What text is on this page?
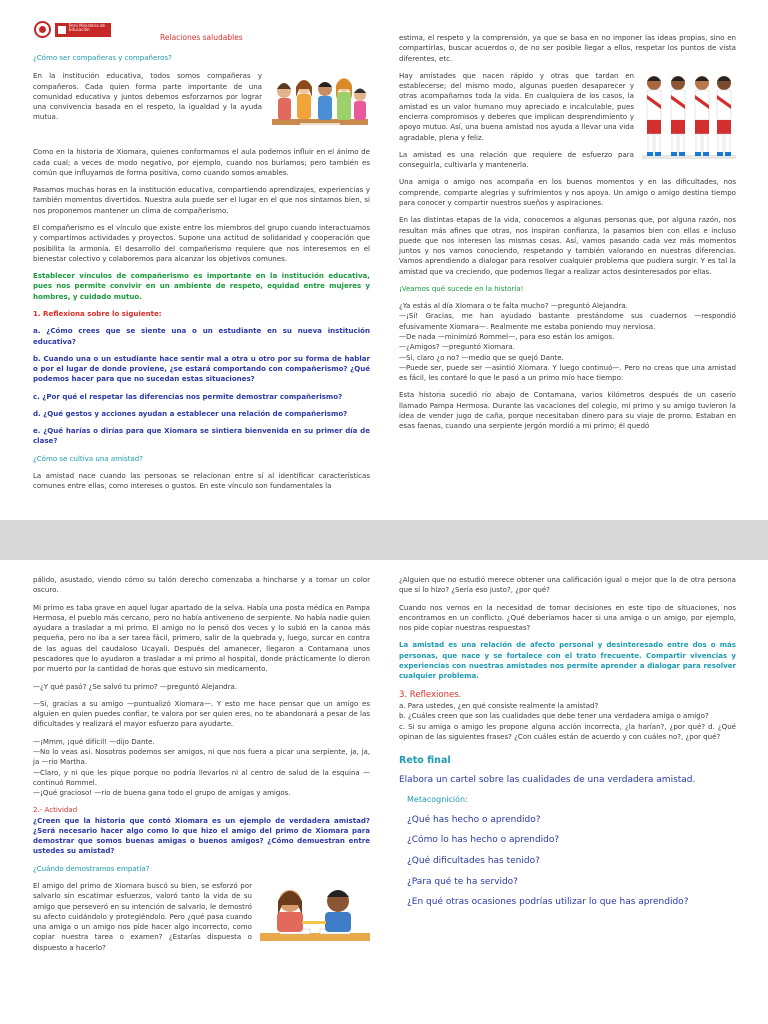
Perú Ministerio de Educación
Relaciones saludables

¿Cómo ser compañeras y compañeros?

En la institución educativa, todos somos compañeras y compañeros. Cada quien forma parte importante de una comunidad educativa y juntos debemos esforzarnos por lograr una convivencia basada en el respeto, la igualdad y la ayuda mutua.

Como en la historia de Xiomara, quienes conformamos el aula podemos influir en el ánimo de cada cual; a veces de modo negativo, por ejemplo, cuando nos burlamos; pero también es común que influyamos de forma positiva, como cuando somos amables.

Pasamos muchas horas en la institución educativa, compartiendo aprendizajes, experiencias y también momentos divertidos. Nuestra aula puede ser el lugar en el que nos sintamos bien, si nos proponemos mantener un clima de compañerismo.

El compañerismo es el vínculo que existe entre los miembros del grupo cuando interactuamos y compartimos actividades y proyectos. Supone una actitud de solidaridad y cooperación que posibilita la armonía. El desarrollo del compañerismo requiere que nos interesemos en el bienestar colectivo y colaboremos para alcanzar los objetivos comunes.

Establecer vínculos de compañerismo es importante en la institución educativa, pues nos permite convivir en un ambiente de respeto, equidad entre mujeres y hombres, y cuidado mutuo.

1. Reflexiona sobre lo siguiente:

a. ¿Cómo crees que se siente una o un estudiante en su nueva institución educativa?

b. Cuando una o un estudiante hace sentir mal a otra u otro por su forma de hablar o por el lugar de donde proviene, ¿se estará comportando con compañerismo? ¿Qué podemos hacer para que no sucedan estas situaciones?

c. ¿Por qué el respetar las diferencias nos permite demostrar compañerismo?

d. ¿Qué gestos y acciones ayudan a establecer una relación de compañerismo?

e. ¿Qué harías o dirías para que Xiomara se sintiera bienvenida en su primer día de clase?

¿Cómo se cultiva una amistad?

La amistad nace cuando las personas se relacionan entre sí al identificar características comunes entre ellas, como intereses o gustos. En este vínculo son fundamentales la

estima, el respeto y la comprensión, ya que se basa en no imponer las ideas propias, sino en compartirlas, buscar acuerdos o, de no ser posible llegar a ellos, respetar los puntos de vista diferentes, etc.

Hay amistades que nacen rápido y otras que tardan en establecerse; del mismo modo, algunas pueden desaparecer y otras acompañarnos toda la vida. En cualquiera de los casos, la amistad es un valor humano muy apreciado e incalculable, pues encierra compromisos y deberes que implican desprendimiento y apoyo mutuo. Así, una buena amistad nos ayuda a llevar una vida agradable, plena y feliz.

La amistad es una relación que requiere de esfuerzo para conseguirla, cultivarla y mantenerla.

Una amiga o amigo nos acompaña en los buenos momentos y en las dificultades, nos comprende, comparte alegrías y sufrimientos y nos apoya. Un amigo o amigo destina tiempo para conocer y compartir nuestros sueños y aspiraciones.

En las distintas etapas de la vida, conocemos a algunas personas que, por alguna razón, nos resultan más afines que otras, nos inspiran confianza, la pasamos bien con ellas e incluso puede que nos interesen las mismas cosas. Así, vamos pasando cada vez más momentos juntos y nos vamos conociendo, respetando y también valorando en nuestras diferencias. Vamos aprendiendo a dialogar para resolver cualquier problema que pudiera surgir. Y es tal la amistad que va creciendo, que podemos llegar a realizar actos desinteresados por ellas.

¡Veamos qué sucede en la historia!

¿Ya estás al día Xiomara o te falta mucho? —preguntó Alejandra.

—¡Sí! Gracias, me han ayudado bastante prestándome sus cuadernos —respondió efusivamente Xiomara—. Realmente me estaba poniendo muy nerviosa.

—De nada —minimizó Rommel—, para eso están los amigos.

—¿Amigos? —preguntó Xiomara.

—Sí, claro ¿o no? —medio que se quejó Dante.

—Puede ser, puede ser —asintió Xiomara. Y luego continuó—. Pero no creas que una amistad es fácil, les contaré lo que le pasó a un primo mío hace tiempo:

Esta historia sucedió río abajo de Contamana, varios kilómetros después de un caserío llamado Pampa Hermosa. Durante las vacaciones del colegio, mi primo y su amigo tuvieron la idea de vender jugo de caña, porque necesitaban dinero para su viaje de promo. Estaban en esas faenas, cuando una serpiente jergón mordió a mi primo; él quedó

pálido, asustado, viendo cómo su talón derecho comenzaba a hincharse y a tomar un color oscuro.

Mi primo es taba grave en aquel lugar apartado de la selva. Había una posta médica en Pampa Hermosa, el pueblo más cercano, pero no había antiveneno de serpiente. No había nadie quien ayudara a trasladar a mi primo. El amigo no lo pensó dos veces y lo subió en la canoa más pequeña, pero no iba a ser tarea fácil, primero, salir de la quebrada y, luego, surcar en contra de las aguas del caudaloso Ucayali. Después del amanecer, llegaron a Contamana unos pescadores que lo ayudaron a trasladar a mi primo al hospital, donde prácticamente lo dieron por muerto por la cantidad de horas que estuvo sin medicamento.

—¿Y qué pasó? ¿Se salvó tu primo? —preguntó Alejandra.

—Sí, gracias a su amigo —puntualizó Xiomara—. Y esto me hace pensar que un amigo es alguien en quien puedes confiar, te valora por ser quien eres, no te abandonará a pesar de las dificultades y realizará el mayor esfuerzo para ayudarte.

—¡Mmm, ¡qué difícil! —dijo Dante.

—No lo veas así. Nosotros podemos ser amigos, ni que nos fuera a picar una serpiente, ja, ja, ja —rio Martha.

—Claro, y ni que les pique porque no podría llevarlos ni al centro de salud de la esquina —continuó Rommel.

—¡Qué gracioso! —rio de buena gana todo el grupo de amigas y amigos.

2.- Actividad

¿Creen que la historia que contó Xiomara es un ejemplo de verdadera amistad? ¿Será necesario hacer algo como lo que hizo el amigo del primo de Xiomara para demostrar que somos buenas amigas o buenos amigos? ¿Cómo demuestran entre ustedes su amistad?

¿Cuándo demostramos empatía?

El amigo del primo de Xiomara buscó su bien, se esforzó por salvarlo sin escatimar esfuerzos, valoró tanto la vida de su amigo que perseveró en su intención de salvarlo, le demostró su afecto cuidándolo y protegiéndolo. Pero ¿qué pasa cuando una amiga o un amigo nos pide hacer algo incorrecto, como copiar nuestra tarea o examen? ¿Estarías dispuesta o dispuesto a hacerlo?

¿Alguien que no estudió merece obtener una calificación igual o mejor que la de otra persona que sí lo hizo? ¿Sería eso justo?, ¿por qué?

Cuando nos vemos en la necesidad de tomar decisiones en este tipo de situaciones, nos encontramos en un conflicto. ¿Qué deberíamos hacer si una amiga o un amigo, por ejemplo, nos pide copiar nuestras respuestas?

La amistad es una relación de afecto personal y desinteresado entre dos o más personas, que nace y se fortalece con el trato frecuente. Compartir vivencias y experiencias con nuestras amistades nos permite aprender a dialogar para resolver cualquier problema.

3. Reflexiones.

a. Para ustedes, ¿en qué consiste realmente la amistad?

b. ¿Cuáles creen que son las cualidades que debe tener una verdadera amiga o amigo?

c. Si su amiga o amigo les propone alguna acción incorrecta, ¿la harían?, ¿por qué? d. ¿Qué opinan de las siguientes frases? ¿Con cuáles están de acuerdo y con cuáles no?, ¿por qué?

Reto final

Elabora un cartel sobre las cualidades de una verdadera amistad.

Metacognición:

¿Qué has hecho o aprendido?

¿Cómo lo has hecho o aprendido?

¿Qué dificultades has tenido?

¿Para qué te ha servido?

¿En qué otras ocasiones podrías utilizar lo que has aprendido?
